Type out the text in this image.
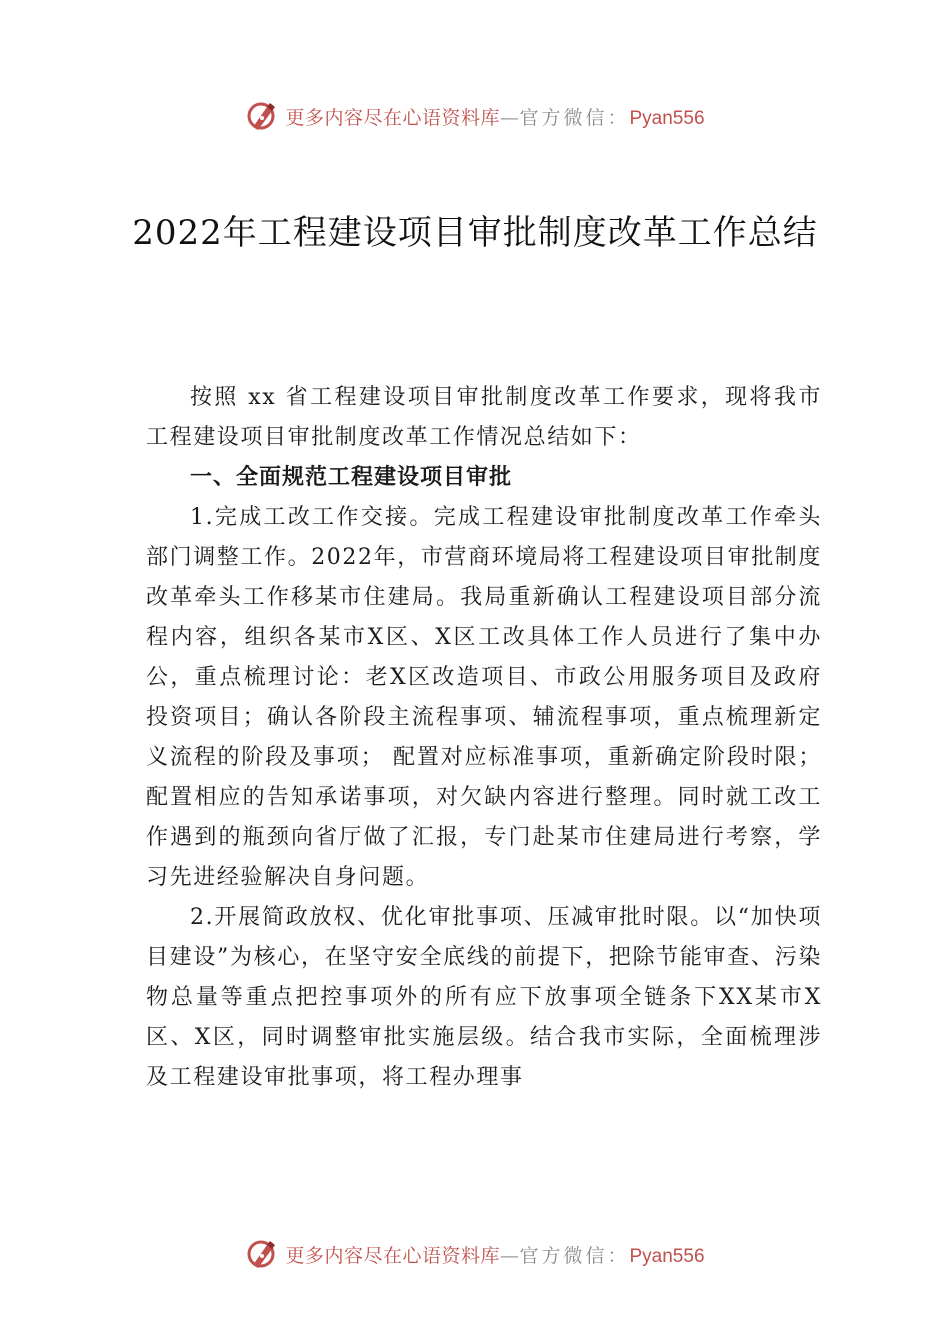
更多内容尽在心语资料库—官方微信：Pyan556
2022年工程建设项目审批制度改革工作总结

按照 xx 省工程建设项目审批制度改革工作要求，现将我市工程建设项目审批制度改革工作情况总结如下：

一、全面规范工程建设项目审批

1.完成工改工作交接。完成工程建设审批制度改革工作牵头部门调整工作。2022年，市营商环境局将工程建设项目审批制度改革牵头工作移某市住建局。我局重新确认工程建设项目部分流程内容，组织各某市X区、X区工改具体工作人员进行了集中办公，重点梳理讨论：老X区改造项目、市政公用服务项目及政府投资项目；确认各阶段主流程事项、辅流程事项，重点梳理新定义流程的阶段及事项； 配置对应标准事项，重新确定阶段时限；配置相应的告知承诺事项，对欠缺内容进行整理。同时就工改工作遇到的瓶颈向省厅做了汇报，专门赴某市住建局进行考察，学习先进经验解决自身问题。

2.开展简政放权、优化审批事项、压减审批时限。以“加快项目建设”为核心，在坚守安全底线的前提下，把除节能审查、污染物总量等重点把控事项外的所有应下放事项全链条下XX某市X区、X区，同时调整审批实施层级。结合我市实际，全面梳理涉及工程建设审批事项，将工程办理事

更多内容尽在心语资料库—官方微信：Pyan556
